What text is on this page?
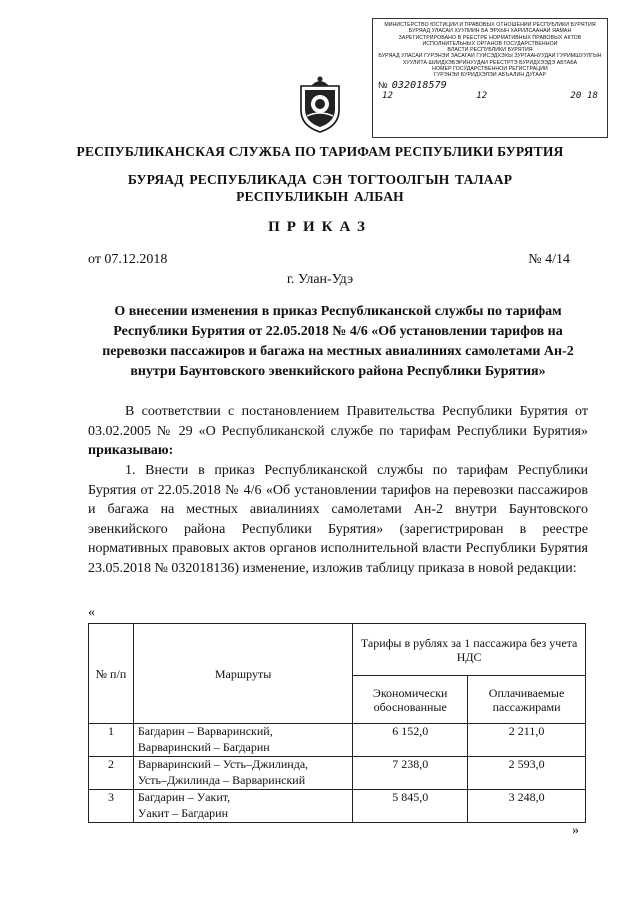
МИНИСТЕРСТВО ЮСТИЦИИ И ПРАВОВЫХ ОТНОШЕНИЙ РЕСПУБЛИКИ БУРЯТИЯ
БУРЯАД УЛАСАЙ ХУУЛИИН БА ЭРХЫН ХАРИЛСААНАЙ ЯАМАН
ЗАРЕГИСТРИРОВАНО В РЕЕСТРЕ НОРМАТИВНЫХ ПРАВОВЫХ АКТОВ
ИСПОЛНИТЕЛЬНЫХ ОРГАНОВ ГОСУДАРСТВЕННОЙ
ВЛАСТИ РЕСПУБЛИКИ БУРЯТИЯ
БУРЯАД УЛАСАЙ ГУРЭНЭЙ ЗАСАГАЙ ГУЙСЭДХЭХЫ ЗУРГААНУУДАЙ ГУРИМШУУЛГЫН
ХУУЛИТА ШИИДХЭБЭРИНУУДАЙ РЕЕСТРТЭ БУРИДХЭЭДЭ АБТАБА
НОМЕР ГОСУДАРСТВЕННОЙ РЕГИСТРАЦИИ
ГУРЭНЭЙ БУРИДХЭЛЭЙ АБЪАЛИН ДУГААР
№ 032018579
12	12	20 18
РЕСПУБЛИКАНСКАЯ СЛУЖБА ПО ТАРИФАМ РЕСПУБЛИКИ БУРЯТИЯ
БУРЯАД РЕСПУБЛИКАДА СЭН ТОГТООЛГЫН ТАЛААР
РЕСПУБЛИКЫН АЛБАН
ПРИКАЗ
от 07.12.2018	№ 4/14
г. Улан-Удэ
О внесении изменения в приказ Республиканской службы по тарифам Республики Бурятия от 22.05.2018 № 4/6 «Об установлении тарифов на перевозки пассажиров и багажа на местных авиалиниях самолетами Ан-2 внутри Баунтовского эвенкийского района Республики Бурятия»
В соответствии с постановлением Правительства Республики Бурятия от 03.02.2005 № 29 «О Республиканской службе по тарифам Республики Бурятия» приказываю:
1. Внести в приказ Республиканской службы по тарифам Республики Бурятия от 22.05.2018 № 4/6 «Об установлении тарифов на перевозки пассажиров и багажа на местных авиалиниях самолетами Ан-2 внутри Баунтовского эвенкийского района Республики Бурятия» (зарегистрирован в реестре нормативных правовых актов органов исполнительной власти Республики Бурятия 23.05.2018 № 032018136) изменение, изложив таблицу приказа в новой редакции:
«
№ п/п	Маршруты	Тарифы в рублях за 1 пассажира без учета НДС	
		Экономически обоснованные	Оплачиваемые пассажирами
1	Багдарин – Варваринский,
Варваринский – Багдарин	6 152,0	2 211,0
2	Варваринский – Усть–Джилинда,
Усть–Джилинда – Варваринский	7 238,0	2 593,0
3	Багдарин – Уакит,
Уакит – Багдарин	5 845,0	3 248,0
»
